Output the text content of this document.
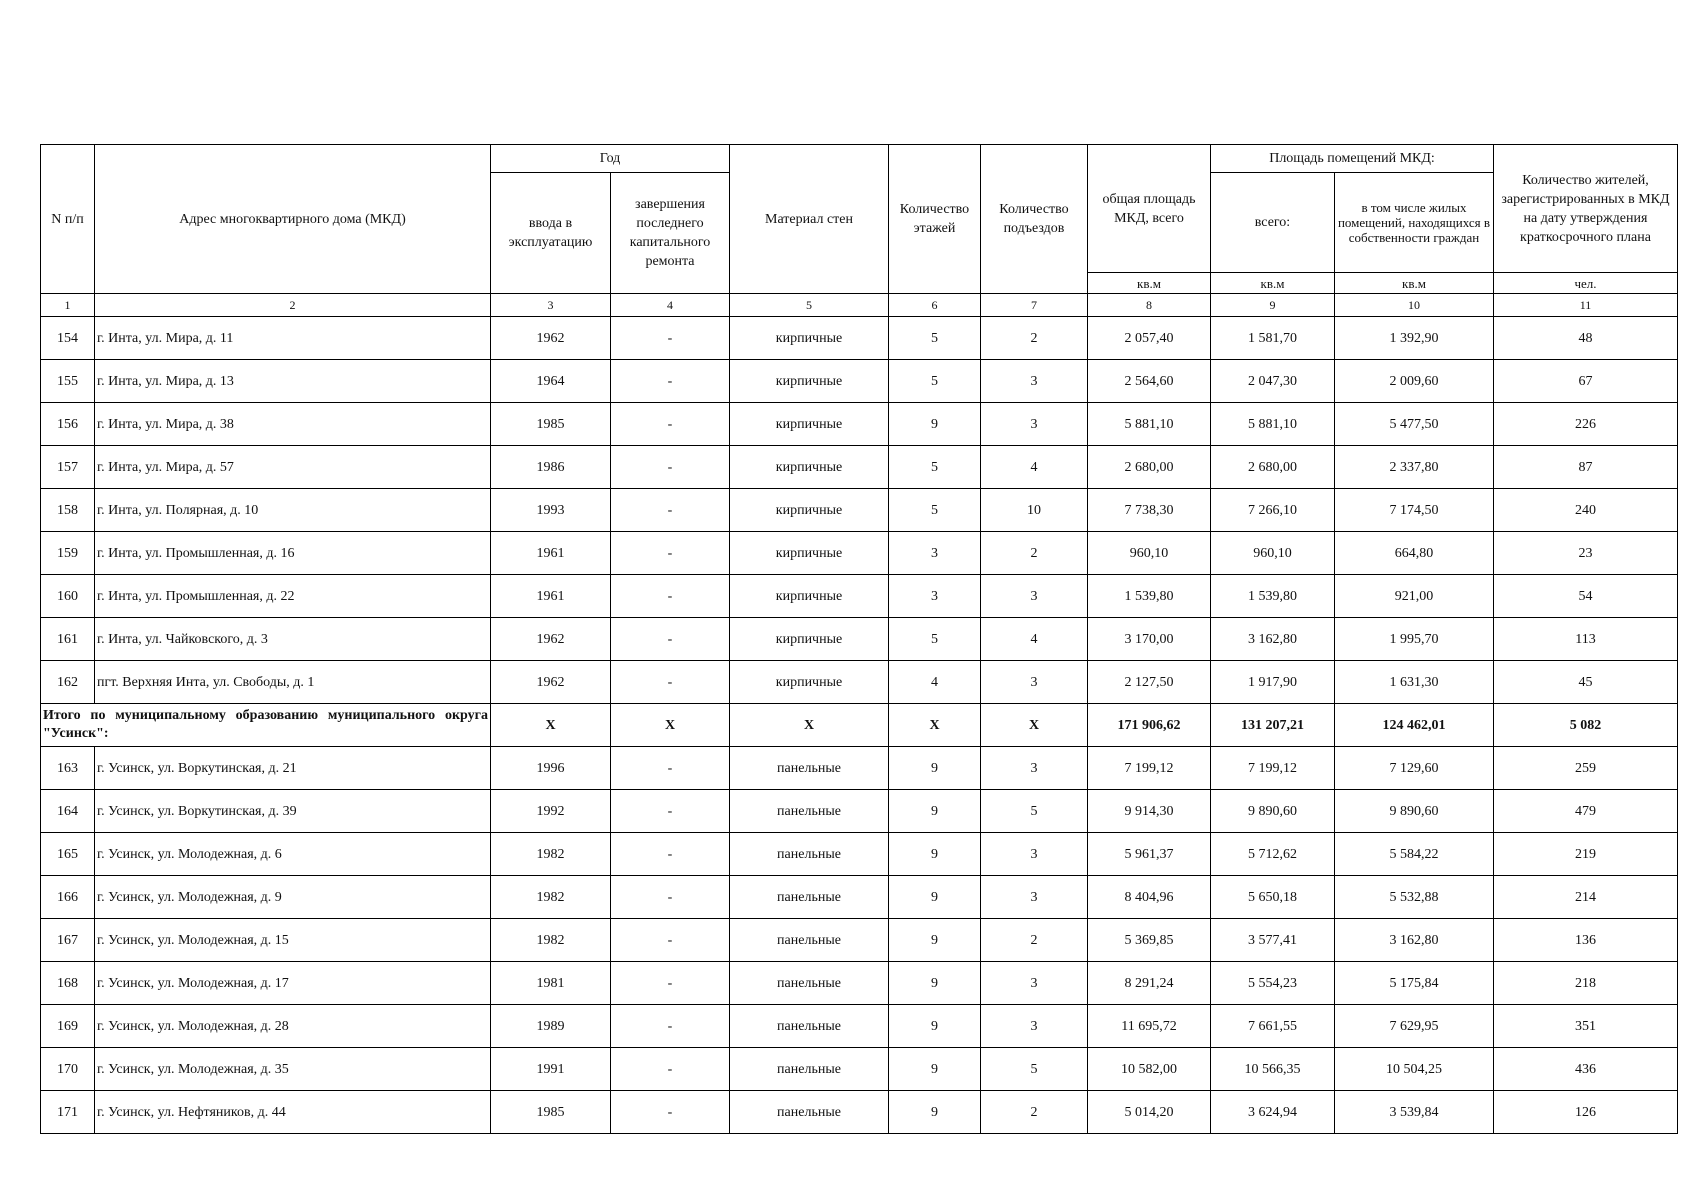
N п/п	Адрес многоквартирного дома (МКД)	Год		Материал стен	Количество этажей	Количество подъездов	общая площадь МКД, всего	Площадь помещений МКД:		Количество жителей, зарегистрированных в МКД на дату утверждения краткосрочного плана
		ввода в эксплуатацию	завершения последнего капитального ремонта					всего:	в том числе жилых помещений, находящихся в собственности граждан	
							кв.м	кв.м	кв.м	чел.
1	2	3	4	5	6	7	8	9	10	11
154	г. Инта, ул. Мира, д. 11	1962	-	кирпичные	5	2	2 057,40	1 581,70	1 392,90	48
155	г. Инта, ул. Мира, д. 13	1964	-	кирпичные	5	3	2 564,60	2 047,30	2 009,60	67
156	г. Инта, ул. Мира, д. 38	1985	-	кирпичные	9	3	5 881,10	5 881,10	5 477,50	226
157	г. Инта, ул. Мира, д. 57	1986	-	кирпичные	5	4	2 680,00	2 680,00	2 337,80	87
158	г. Инта, ул. Полярная, д. 10	1993	-	кирпичные	5	10	7 738,30	7 266,10	7 174,50	240
159	г. Инта, ул. Промышленная, д. 16	1961	-	кирпичные	3	2	960,10	960,10	664,80	23
160	г. Инта, ул. Промышленная, д. 22	1961	-	кирпичные	3	3	1 539,80	1 539,80	921,00	54
161	г. Инта, ул. Чайковского, д. 3	1962	-	кирпичные	5	4	3 170,00	3 162,80	1 995,70	113
162	пгт. Верхняя Инта, ул. Свободы, д. 1	1962	-	кирпичные	4	3	2 127,50	1 917,90	1 631,30	45
Итого по муниципальному образованию муниципального округа "Усинск":		X	X	X	X	X	171 906,62	131 207,21	124 462,01	5 082
163	г. Усинск, ул. Воркутинская, д. 21	1996	-	панельные	9	3	7 199,12	7 199,12	7 129,60	259
164	г. Усинск, ул. Воркутинская, д. 39	1992	-	панельные	9	5	9 914,30	9 890,60	9 890,60	479
165	г. Усинск, ул. Молодежная, д. 6	1982	-	панельные	9	3	5 961,37	5 712,62	5 584,22	219
166	г. Усинск, ул. Молодежная, д. 9	1982	-	панельные	9	3	8 404,96	5 650,18	5 532,88	214
167	г. Усинск, ул. Молодежная, д. 15	1982	-	панельные	9	2	5 369,85	3 577,41	3 162,80	136
168	г. Усинск, ул. Молодежная, д. 17	1981	-	панельные	9	3	8 291,24	5 554,23	5 175,84	218
169	г. Усинск, ул. Молодежная, д. 28	1989	-	панельные	9	3	11 695,72	7 661,55	7 629,95	351
170	г. Усинск, ул. Молодежная, д. 35	1991	-	панельные	9	5	10 582,00	10 566,35	10 504,25	436
171	г. Усинск, ул. Нефтяников, д. 44	1985	-	панельные	9	2	5 014,20	3 624,94	3 539,84	126
